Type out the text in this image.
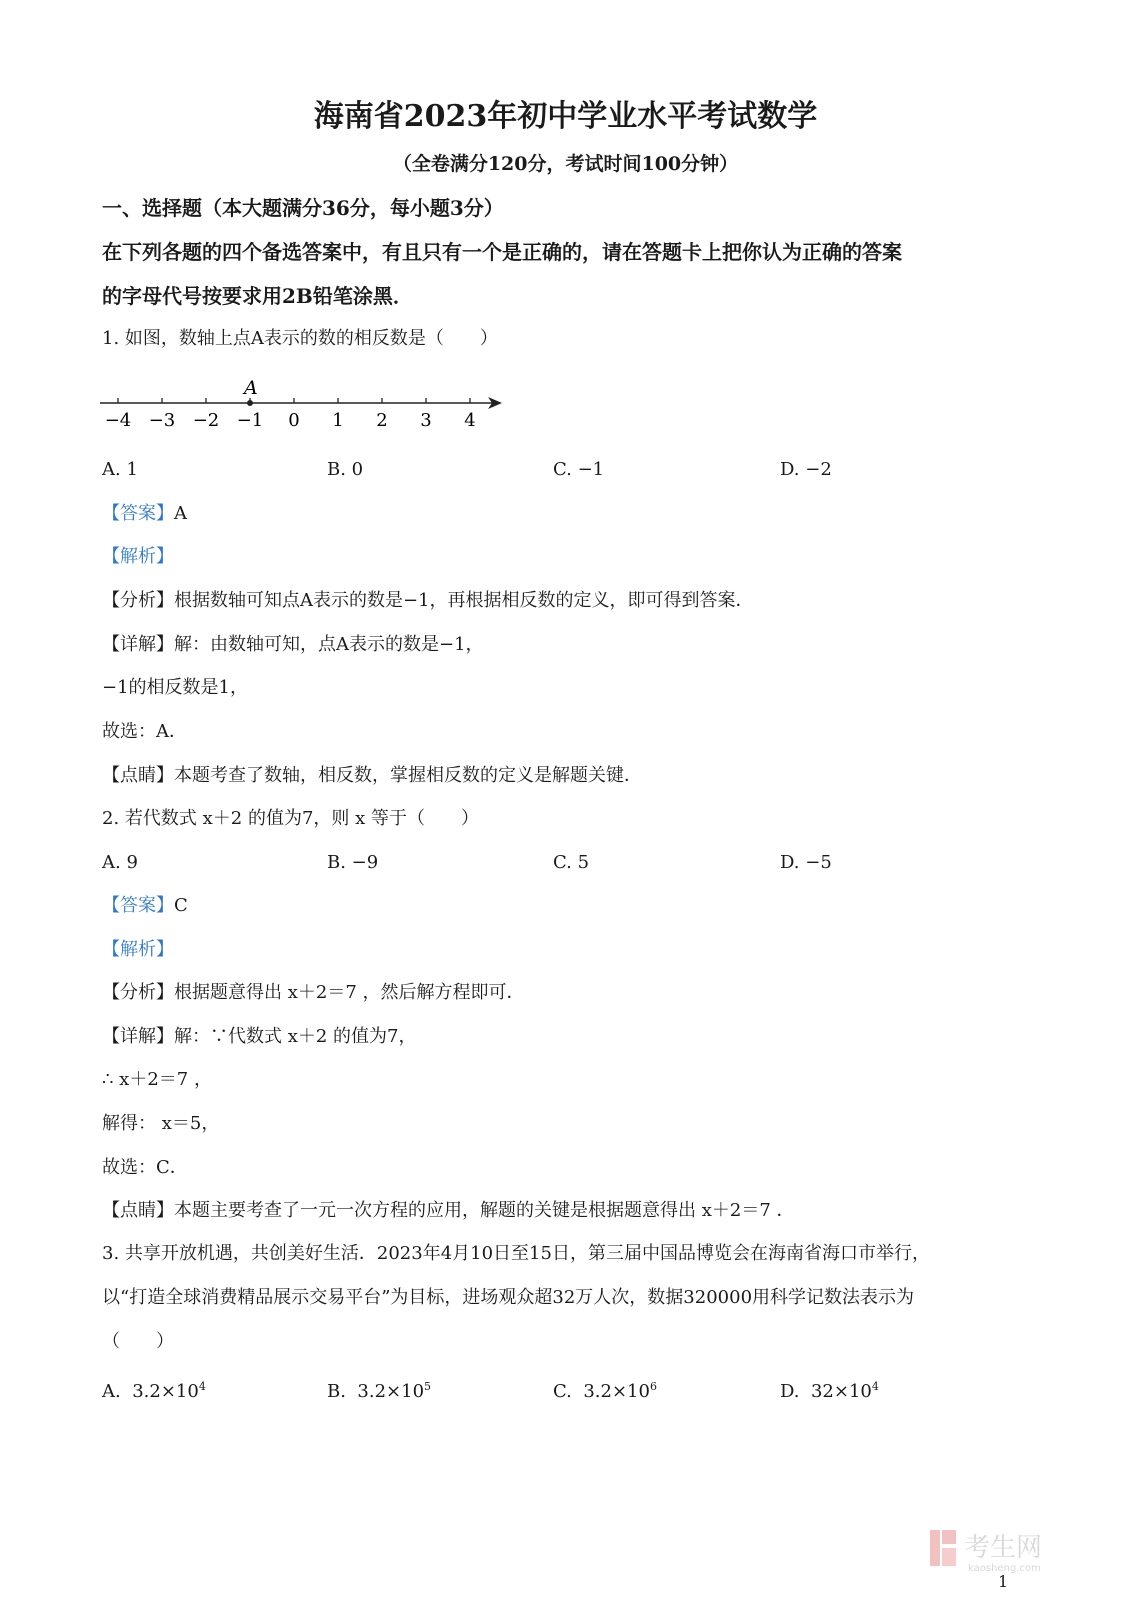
海南省2023年初中学业水平考试数学
（全卷满分120分，考试时间100分钟）
一、选择题（本大题满分36分，每小题3分）
在下列各题的四个备选答案中，有且只有一个是正确的，请在答题卡上把你认为正确的答案
的字母代号按要求用2B铅笔涂黑．
1. 如图，数轴上点A表示的数的相反数是（　　）
−4 −3 −2 −1 0 1 2 3 4
A
A. 1	B. 0	C. −1	D. −2
【答案】A
【解析】
【分析】根据数轴可知点A表示的数是−1，再根据相反数的定义，即可得到答案．
【详解】解：由数轴可知，点A表示的数是−1，
−1的相反数是1，
故选：A．
【点睛】本题考查了数轴，相反数，掌握相反数的定义是解题关键．
2. 若代数式 x＋2 的值为7，则 x 等于（　　）
A. 9	B. −9	C. 5	D. −5
【答案】C
【解析】
【分析】根据题意得出 x＋2＝7 ，然后解方程即可．
【详解】解：∵代数式 x＋2 的值为7，
∴ x＋2＝7 ，
解得： x＝5，
故选：C．
【点睛】本题主要考查了一元一次方程的应用，解题的关键是根据题意得出 x＋2＝7 ．
3. 共享开放机遇，共创美好生活．2023年4月10日至15日，第三届中国品博览会在海南省海口市举行，
以“打造全球消费精品展示交易平台”为目标，进场观众超32万人次，数据320000用科学记数法表示为
（　　）
A. $3.2\times 10^4$	B. $3.2\times 10^5$	C. $3.2\times 10^6$	D. $32\times 10^4$
考生网
kaosheng.com
1
